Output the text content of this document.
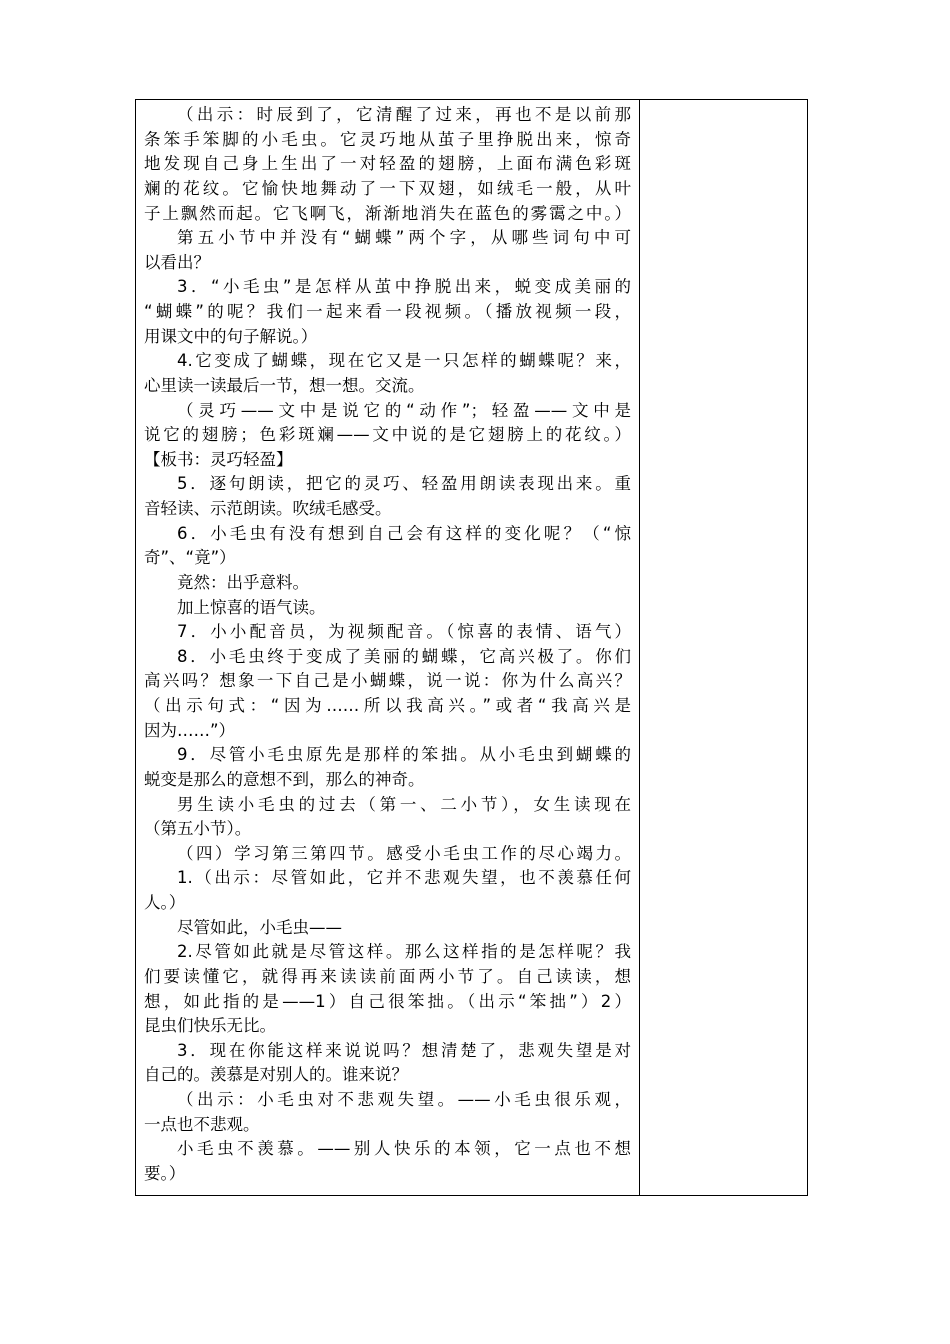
（出示：时辰到了，它清醒了过来，再也不是以前那
条笨手笨脚的小毛虫。它灵巧地从茧子里挣脱出来，惊奇
地发现自己身上生出了一对轻盈的翅膀，上面布满色彩斑
斓的花纹。它愉快地舞动了一下双翅，如绒毛一般，从叶
子上飘然而起。它飞啊飞，渐渐地消失在蓝色的雾霭之中。）
第五小节中并没有“蝴蝶”两个字，从哪些词句中可
以看出？
3．“小毛虫”是怎样从茧中挣脱出来，蜕变成美丽的
“蝴蝶”的呢？我们一起来看一段视频。（播放视频一段，
用课文中的句子解说。）
4.它变成了蝴蝶，现在它又是一只怎样的蝴蝶呢？来，
心里读一读最后一节，想一想。交流。
（灵巧——文中是说它的“动作”；轻盈——文中是
说它的翅膀；色彩斑斓——文中说的是它翅膀上的花纹。）
【板书：灵巧轻盈】
5．逐句朗读，把它的灵巧、轻盈用朗读表现出来。重
音轻读、示范朗读。吹绒毛感受。
6．小毛虫有没有想到自己会有这样的变化呢？（“惊
奇”、“竟”）
竟然：出乎意料。
加上惊喜的语气读。
7．小小配音员，为视频配音。（惊喜的表情、语气）
8．小毛虫终于变成了美丽的蝴蝶，它高兴极了。你们
高兴吗？想象一下自己是小蝴蝶，说一说：你为什么高兴？
（出示句式：“因为……所以我高兴。”或者“我高兴是
因为……”）
9．尽管小毛虫原先是那样的笨拙。从小毛虫到蝴蝶的
蜕变是那么的意想不到，那么的神奇。
男生读小毛虫的过去（第一、二小节），女生读现在
（第五小节）。
（四）学习第三第四节。感受小毛虫工作的尽心竭力。
1.（出示：尽管如此，它并不悲观失望，也不羡慕任何
人。）
尽管如此，小毛虫——
2.尽管如此就是尽管这样。那么这样指的是怎样呢？我
们要读懂它，就得再来读读前面两小节了。自己读读，想
想，如此指的是——1）自己很笨拙。（出示“笨拙”）2）
昆虫们快乐无比。
3．现在你能这样来说说吗？想清楚了，悲观失望是对
自己的。羡慕是对别人的。谁来说？
（出示：小毛虫对不悲观失望。——小毛虫很乐观，
一点也不悲观。
小毛虫不羡慕。——别人快乐的本领，它一点也不想
要。）
